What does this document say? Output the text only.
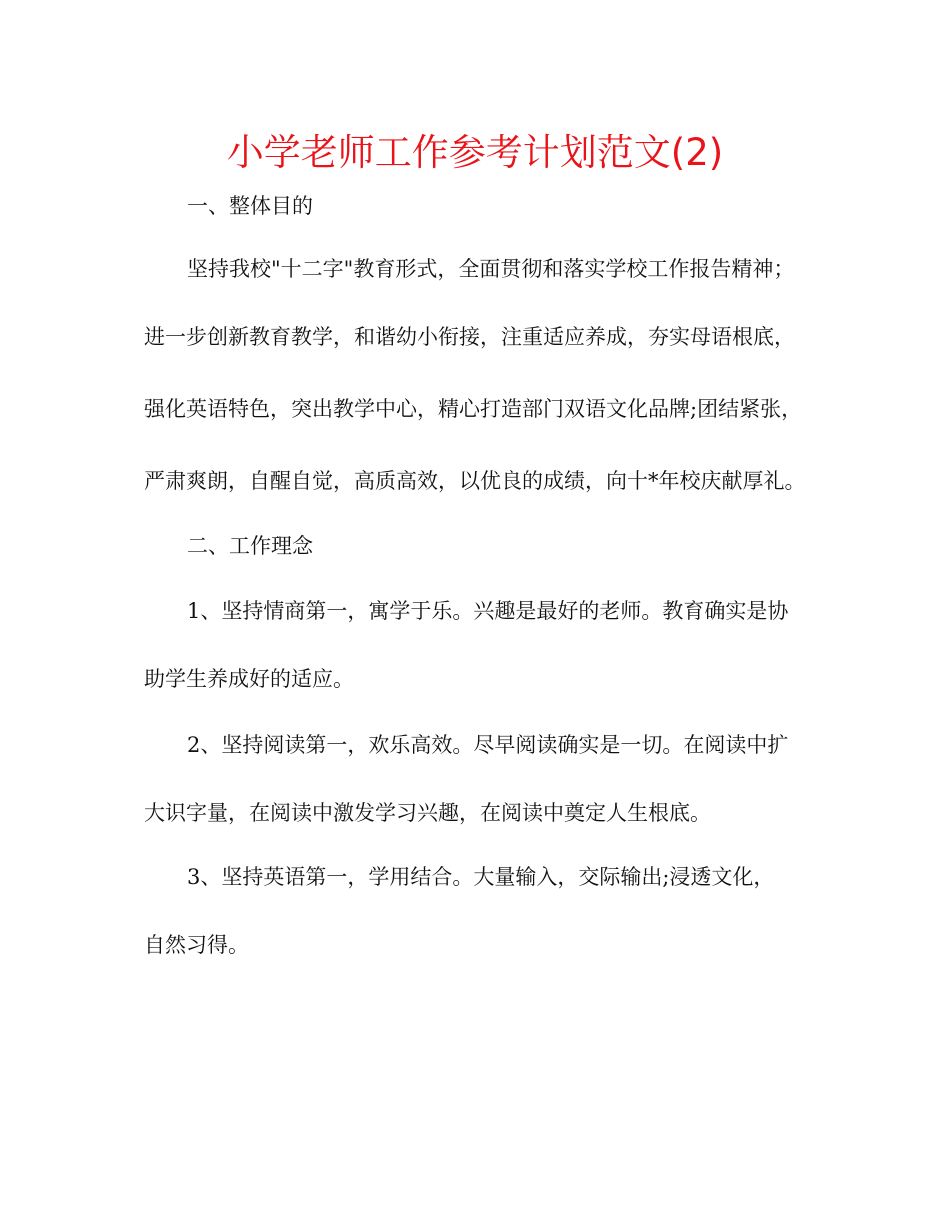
小学老师工作参考计划范文(2)

一、整体目的

坚持我校"十二字"教育形式，全面贯彻和落实学校工作报告精神；

进一步创新教育教学，和谐幼小衔接，注重适应养成，夯实母语根底，

强化英语特色，突出教学中心，精心打造部门双语文化品牌;团结紧张，

严肃爽朗，自醒自觉，高质高效，以优良的成绩，向十*年校庆献厚礼。

二、工作理念

1、坚持情商第一，寓学于乐。兴趣是最好的老师。教育确实是协

助学生养成好的适应。

2、坚持阅读第一，欢乐高效。尽早阅读确实是一切。在阅读中扩

大识字量，在阅读中激发学习兴趣，在阅读中奠定人生根底。

3、坚持英语第一，学用结合。大量输入，交际输出;浸透文化，

自然习得。
